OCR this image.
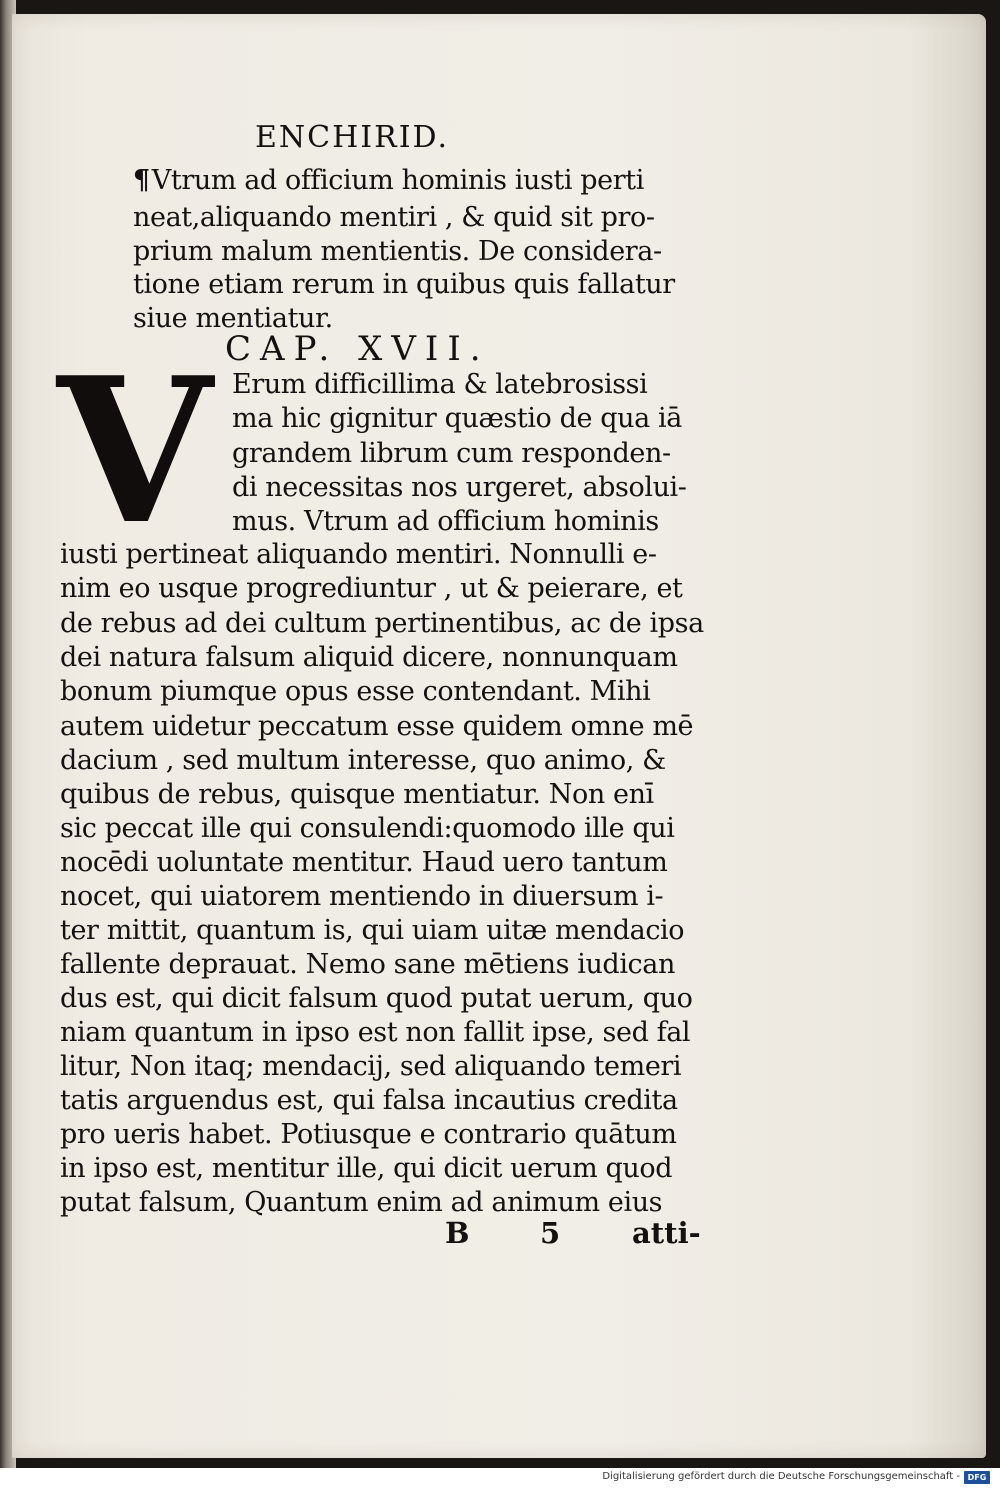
ENCHIRID.
¶Vtrum ad officium hominis iusti perti
neat,aliquando mentiri , & quid sit pro-
prium malum mentientis. De considera-
tione etiam rerum in quibus quis fallatur
siue mentiatur.
CAP. XVII.
V Erum difficillima & latebrosissi
ma hic gignitur quæstio de qua iā
grandem librum cum responden-
di necessitas nos urgeret, absolui-
mus. Vtrum ad officium hominis
iusti pertineat aliquando mentiri. Nonnulli e-
nim eo usque progrediuntur , ut & peierare, et
de rebus ad dei cultum pertinentibus, ac de ipsa
dei natura falsum aliquid dicere, nonnunquam
bonum piumque opus esse contendant. Mihi
autem uidetur peccatum esse quidem omne mē
dacium , sed multum interesse, quo animo, &
quibus de rebus, quisque mentiatur. Non enī
sic peccat ille qui consulendi:quomodo ille qui
nocēdi uoluntate mentitur. Haud uero tantum
nocet, qui uiatorem mentiendo in diuersum i-
ter mittit, quantum is, qui uiam uitæ mendacio
fallente deprauat. Nemo sane mētiens iudican
dus est, qui dicit falsum quod putat uerum, quo
niam quantum in ipso est non fallit ipse, sed fal
litur, Non itaq; mendacij, sed aliquando temeri
tatis arguendus est, qui falsa incautius credita
pro ueris habet. Potiusque e contrario quātum
in ipso est, mentitur ille, qui dicit uerum quod
putat falsum, Quantum enim ad animum eius
B 5 atti-
Digitalisierung gefördert durch die Deutsche Forschungsgemeinschaft - DFG
